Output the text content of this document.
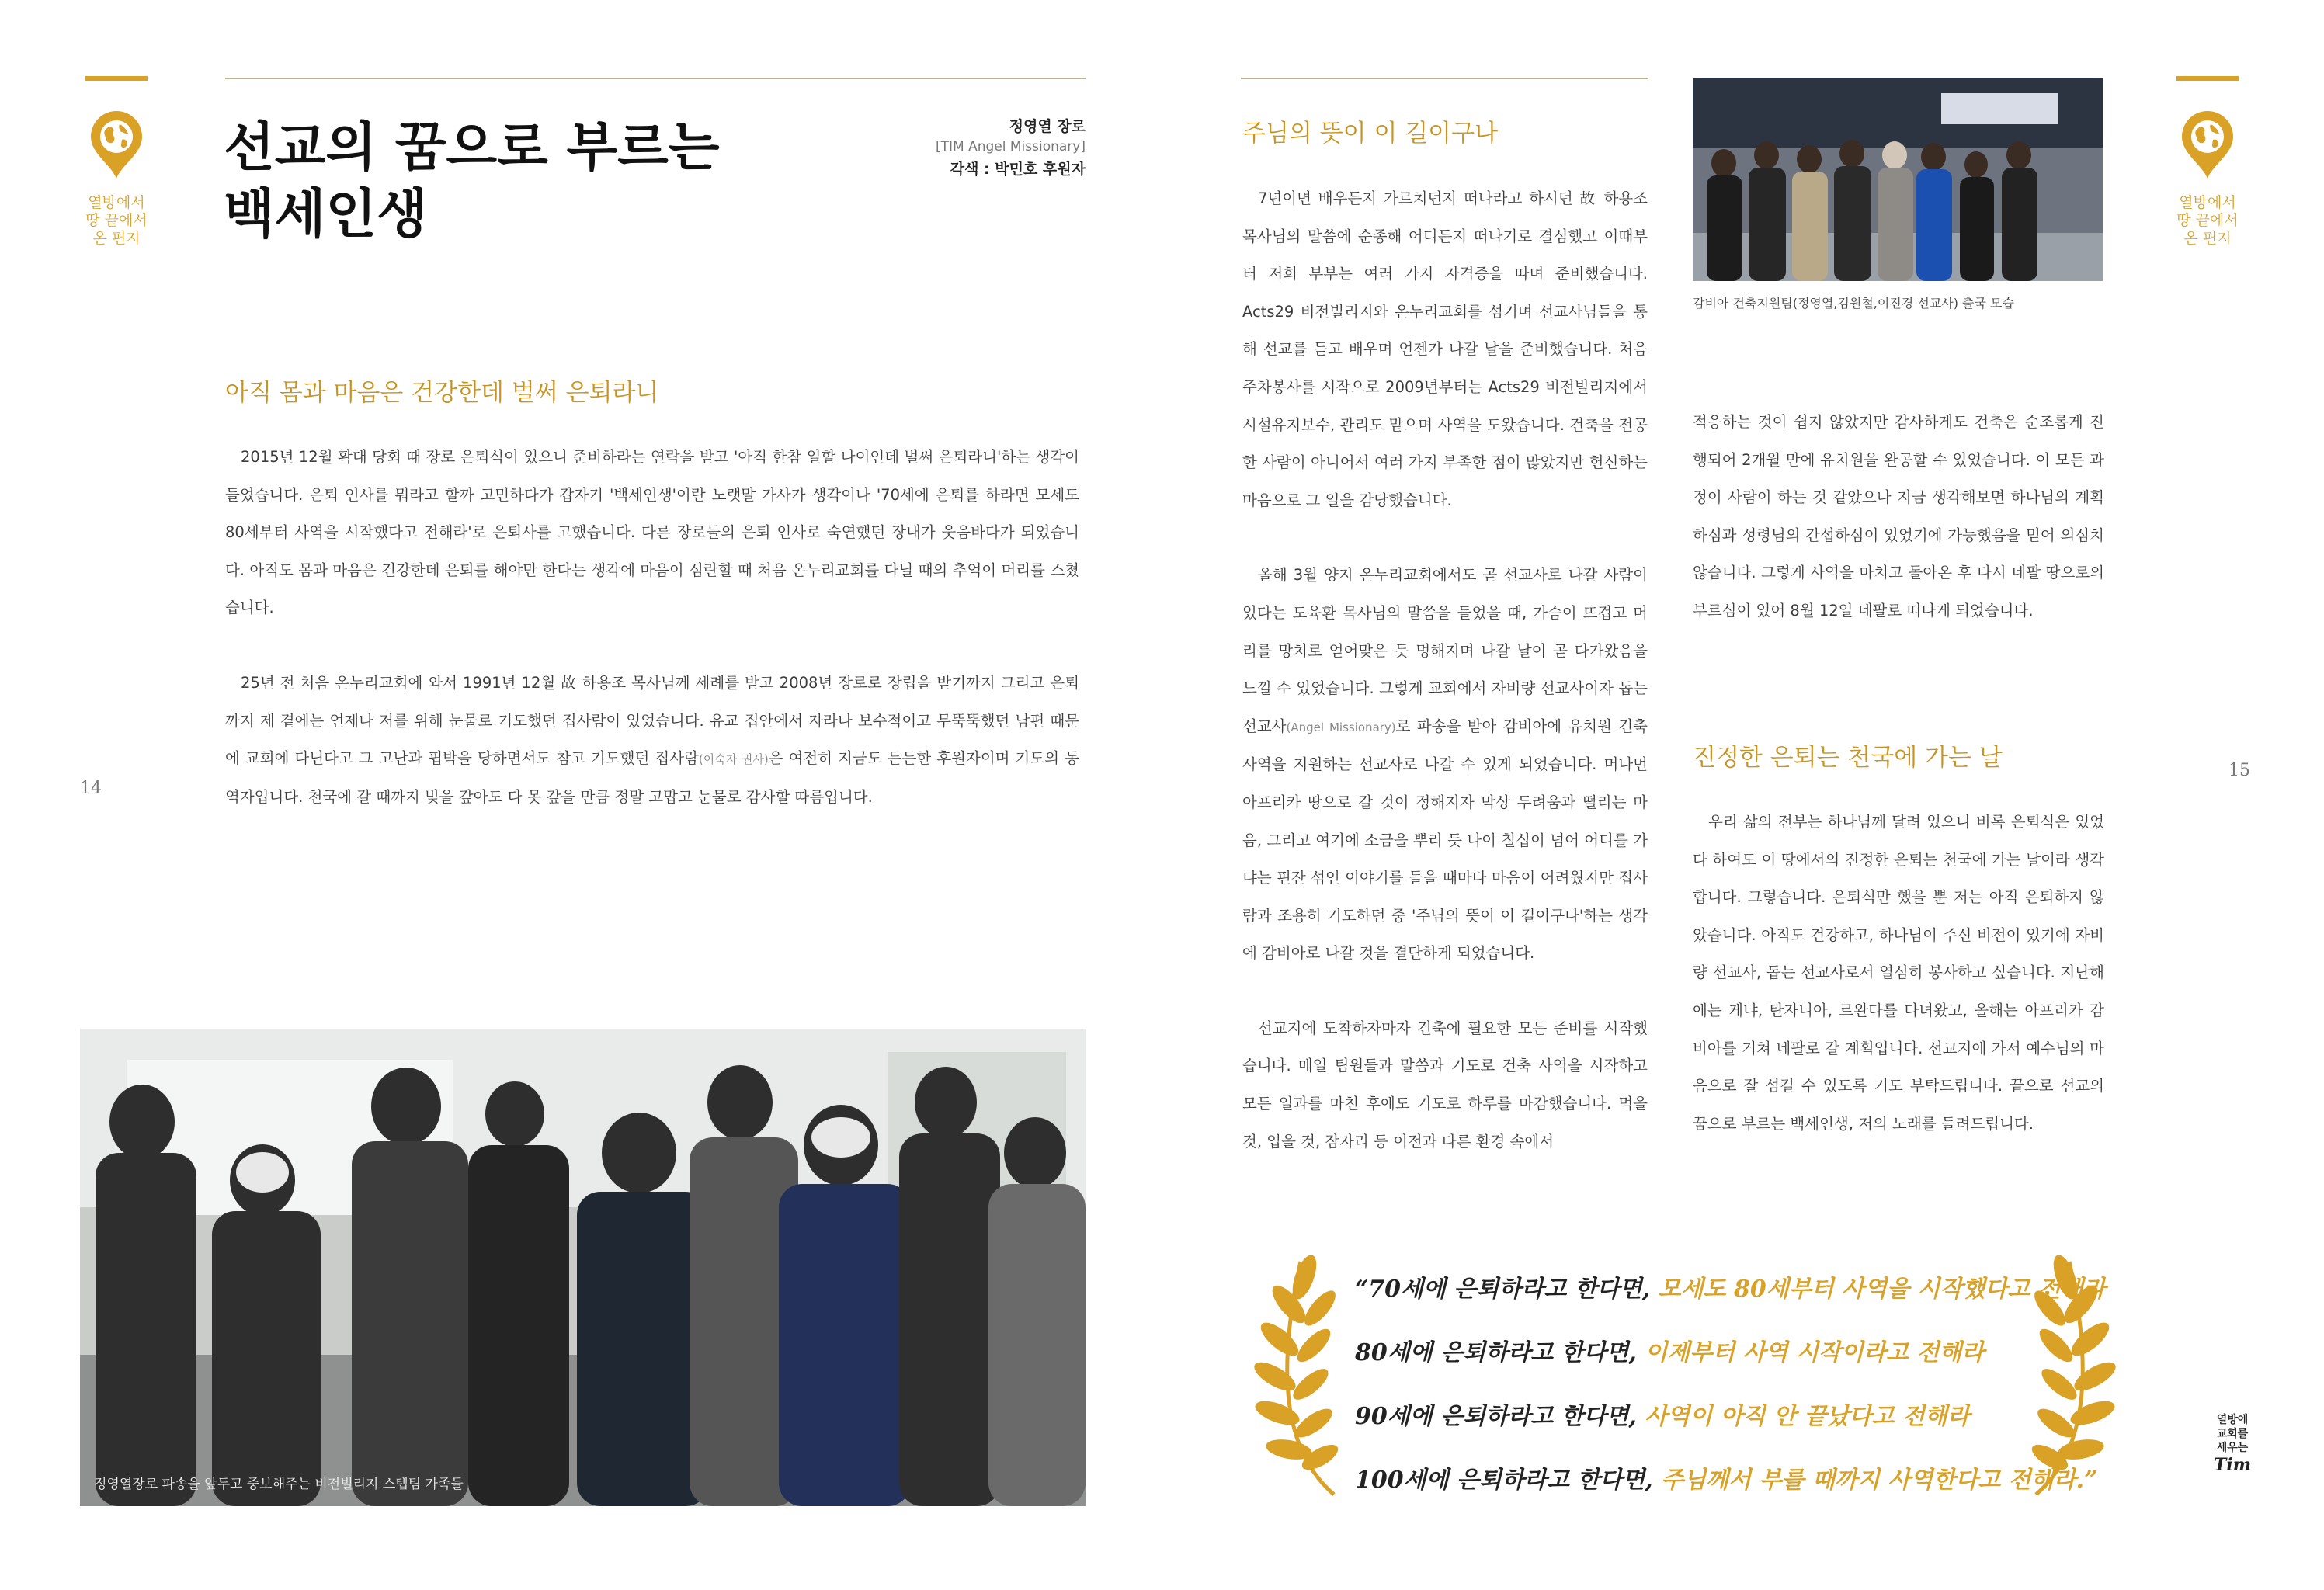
열방에서
땅 끝에서
온 편지
선교의 꿈으로 부르는
백세인생
정영열 장로
[TIM Angel Missionary]
각색 : 박민호 후원자
아직 몸과 마음은 건강한데 벌써 은퇴라니

2015년 12월 확대 당회 때 장로 은퇴식이 있으니 준비하라는 연락을 받고 '아직 한참 일할 나이인데 벌써 은퇴라니'하는 생각이 들었습니다. 은퇴 인사를 뭐라고 할까 고민하다가 갑자기 '백세인생'이란 노랫말 가사가 생각이나 '70세에 은퇴를 하라면 모세도 80세부터 사역을 시작했다고 전해라'로 은퇴사를 고했습니다. 다른 장로들의 은퇴 인사로 숙연했던 장내가 웃음바다가 되었습니다. 아직도 몸과 마음은 건강한데 은퇴를 해야만 한다는 생각에 마음이 심란할 때 처음 온누리교회를 다닐 때의 추억이 머리를 스쳤습니다.

25년 전 처음 온누리교회에 와서 1991년 12월 故 하용조 목사님께 세례를 받고 2008년 장로로 장립을 받기까지 그리고 은퇴까지 제 곁에는 언제나 저를 위해 눈물로 기도했던 집사람이 있었습니다. 유교 집안에서 자라나 보수적이고 무뚝뚝했던 남편 때문에 교회에 다닌다고 그 고난과 핍박을 당하면서도 참고 기도했던 집사람(이숙자 권사)은 여전히 지금도 든든한 후원자이며 기도의 동역자입니다. 천국에 갈 때까지 빚을 갚아도 다 못 갚을 만큼 정말 고맙고 눈물로 감사할 따름입니다.

14
정영열장로 파송을 앞두고 중보해주는 비전빌리지 스텝팀 가족들
주님의 뜻이 이 길이구나

7년이면 배우든지 가르치던지 떠나라고 하시던 故 하용조 목사님의 말씀에 순종해 어디든지 떠나기로 결심했고 이때부터 저희 부부는 여러 가지 자격증을 따며 준비했습니다. Acts29 비전빌리지와 온누리교회를 섬기며 선교사님들을 통해 선교를 듣고 배우며 언젠가 나갈 날을 준비했습니다. 처음 주차봉사를 시작으로 2009년부터는 Acts29 비전빌리지에서 시설유지보수, 관리도 맡으며 사역을 도왔습니다. 건축을 전공한 사람이 아니어서 여러 가지 부족한 점이 많았지만 헌신하는 마음으로 그 일을 감당했습니다.

올해 3월 양지 온누리교회에서도 곧 선교사로 나갈 사람이 있다는 도육환 목사님의 말씀을 들었을 때, 가슴이 뜨겁고 머리를 망치로 얻어맞은 듯 멍해지며 나갈 날이 곧 다가왔음을 느낄 수 있었습니다. 그렇게 교회에서 자비량 선교사이자 돕는 선교사(Angel Missionary)로 파송을 받아 감비아에 유치원 건축 사역을 지원하는 선교사로 나갈 수 있게 되었습니다. 머나먼 아프리카 땅으로 갈 것이 정해지자 막상 두려움과 떨리는 마음, 그리고 여기에 소금을 뿌리 듯 나이 칠십이 넘어 어디를 가냐는 핀잔 섞인 이야기를 들을 때마다 마음이 어려웠지만 집사람과 조용히 기도하던 중 '주님의 뜻이 이 길이구나'하는 생각에 감비아로 나갈 것을 결단하게 되었습니다.

선교지에 도착하자마자 건축에 필요한 모든 준비를 시작했습니다. 매일 팀원들과 말씀과 기도로 건축 사역을 시작하고 모든 일과를 마친 후에도 기도로 하루를 마감했습니다. 먹을 것, 입을 것, 잠자리 등 이전과 다른 환경 속에서

감비아 건축지원팀(정영열,김원철,이진경 선교사) 출국 모습

적응하는 것이 쉽지 않았지만 감사하게도 건축은 순조롭게 진행되어 2개월 만에 유치원을 완공할 수 있었습니다. 이 모든 과정이 사람이 하는 것 같았으나 지금 생각해보면 하나님의 계획하심과 성령님의 간섭하심이 있었기에 가능했음을 믿어 의심치 않습니다. 그렇게 사역을 마치고 돌아온 후 다시 네팔 땅으로의 부르심이 있어 8월 12일 네팔로 떠나게 되었습니다.

진정한 은퇴는 천국에 가는 날

우리 삶의 전부는 하나님께 달려 있으니 비록 은퇴식은 있었다 하여도 이 땅에서의 진정한 은퇴는 천국에 가는 날이라 생각합니다. 그렇습니다. 은퇴식만 했을 뿐 저는 아직 은퇴하지 않았습니다. 아직도 건강하고, 하나님이 주신 비전이 있기에 자비량 선교사, 돕는 선교사로서 열심히 봉사하고 싶습니다. 지난해에는 케냐, 탄자니아, 르완다를 다녀왔고, 올해는 아프리카 감비아를 거쳐 네팔로 갈 계획입니다. 선교지에 가서 예수님의 마음으로 잘 섬길 수 있도록 기도 부탁드립니다. 끝으로 선교의 꿈으로 부르는 백세인생, 저의 노래를 들려드립니다.

15
열방에서
땅 끝에서
온 편지
“70세에 은퇴하라고 한다면, 모세도 80세부터 사역을 시작했다고 전해라
80세에 은퇴하라고 한다면, 이제부터 사역 시작이라고 전해라
90세에 은퇴하라고 한다면, 사역이 아직 안 끝났다고 전해라
100세에 은퇴하라고 한다면, 주님께서 부를 때까지 사역한다고 전해라.”
열방에
교회를
세우는
Tim
